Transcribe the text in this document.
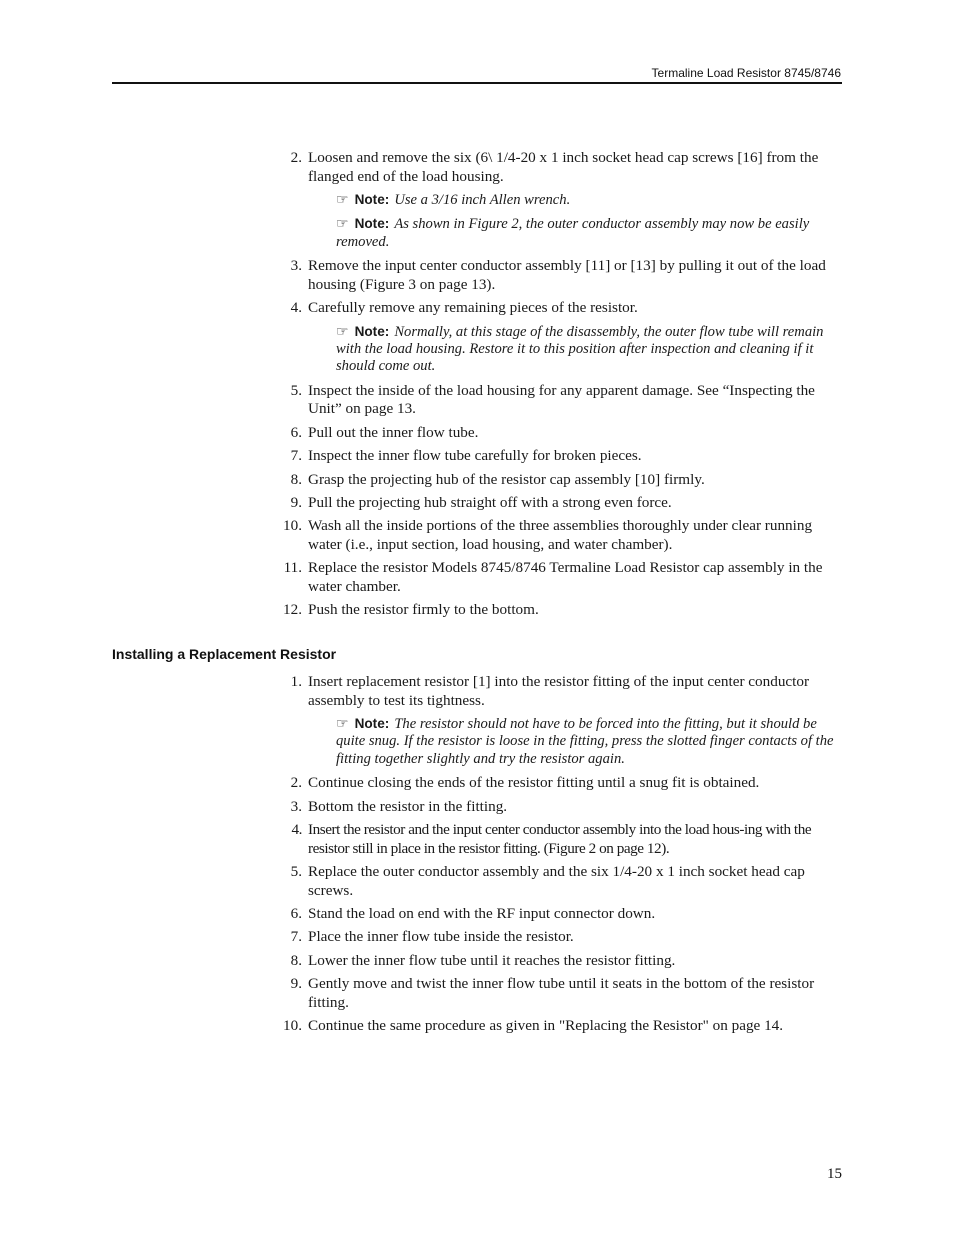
Termaline Load Resistor 8745/8746
2. Loosen and remove the six (6\ 1/4-20 x 1 inch socket head cap screws [16] from the flanged end of the load housing.
☞ Note: Use a 3/16 inch Allen wrench.
☞ Note: As shown in Figure 2, the outer conductor assembly may now be easily removed.
3. Remove the input center conductor assembly [11] or [13] by pulling it out of the load housing (Figure 3 on page 13).
4. Carefully remove any remaining pieces of the resistor.
☞ Note: Normally, at this stage of the disassembly, the outer flow tube will remain with the load housing. Restore it to this position after inspection and cleaning if it should come out.
5. Inspect the inside of the load housing for any apparent damage. See “Inspecting the Unit” on page 13.
6. Pull out the inner flow tube.
7. Inspect the inner flow tube carefully for broken pieces.
8. Grasp the projecting hub of the resistor cap assembly [10] firmly.
9. Pull the projecting hub straight off with a strong even force.
10. Wash all the inside portions of the three assemblies thoroughly under clear running water (i.e., input section, load housing, and water chamber).
11. Replace the resistor Models 8745/8746 Termaline Load Resistor cap assembly in the water chamber.
12. Push the resistor firmly to the bottom.
Installing a Replacement Resistor
1. Insert replacement resistor [1] into the resistor fitting of the input center conductor assembly to test its tightness.
☞ Note: The resistor should not have to be forced into the fitting, but it should be quite snug. If the resistor is loose in the fitting, press the slotted finger contacts of the fitting together slightly and try the resistor again.
2. Continue closing the ends of the resistor fitting until a snug fit is obtained.
3. Bottom the resistor in the fitting.
4. Insert the resistor and the input center conductor assembly into the load hous-ing with the resistor still in place in the resistor fitting. (Figure 2 on page 12).
5. Replace the outer conductor assembly and the six 1/4-20 x 1 inch socket head cap screws.
6. Stand the load on end with the RF input connector down.
7. Place the inner flow tube inside the resistor.
8. Lower the inner flow tube until it reaches the resistor fitting.
9. Gently move and twist the inner flow tube until it seats in the bottom of the resistor fitting.
10. Continue the same procedure as given in "Replacing the Resistor" on page 14.
15
